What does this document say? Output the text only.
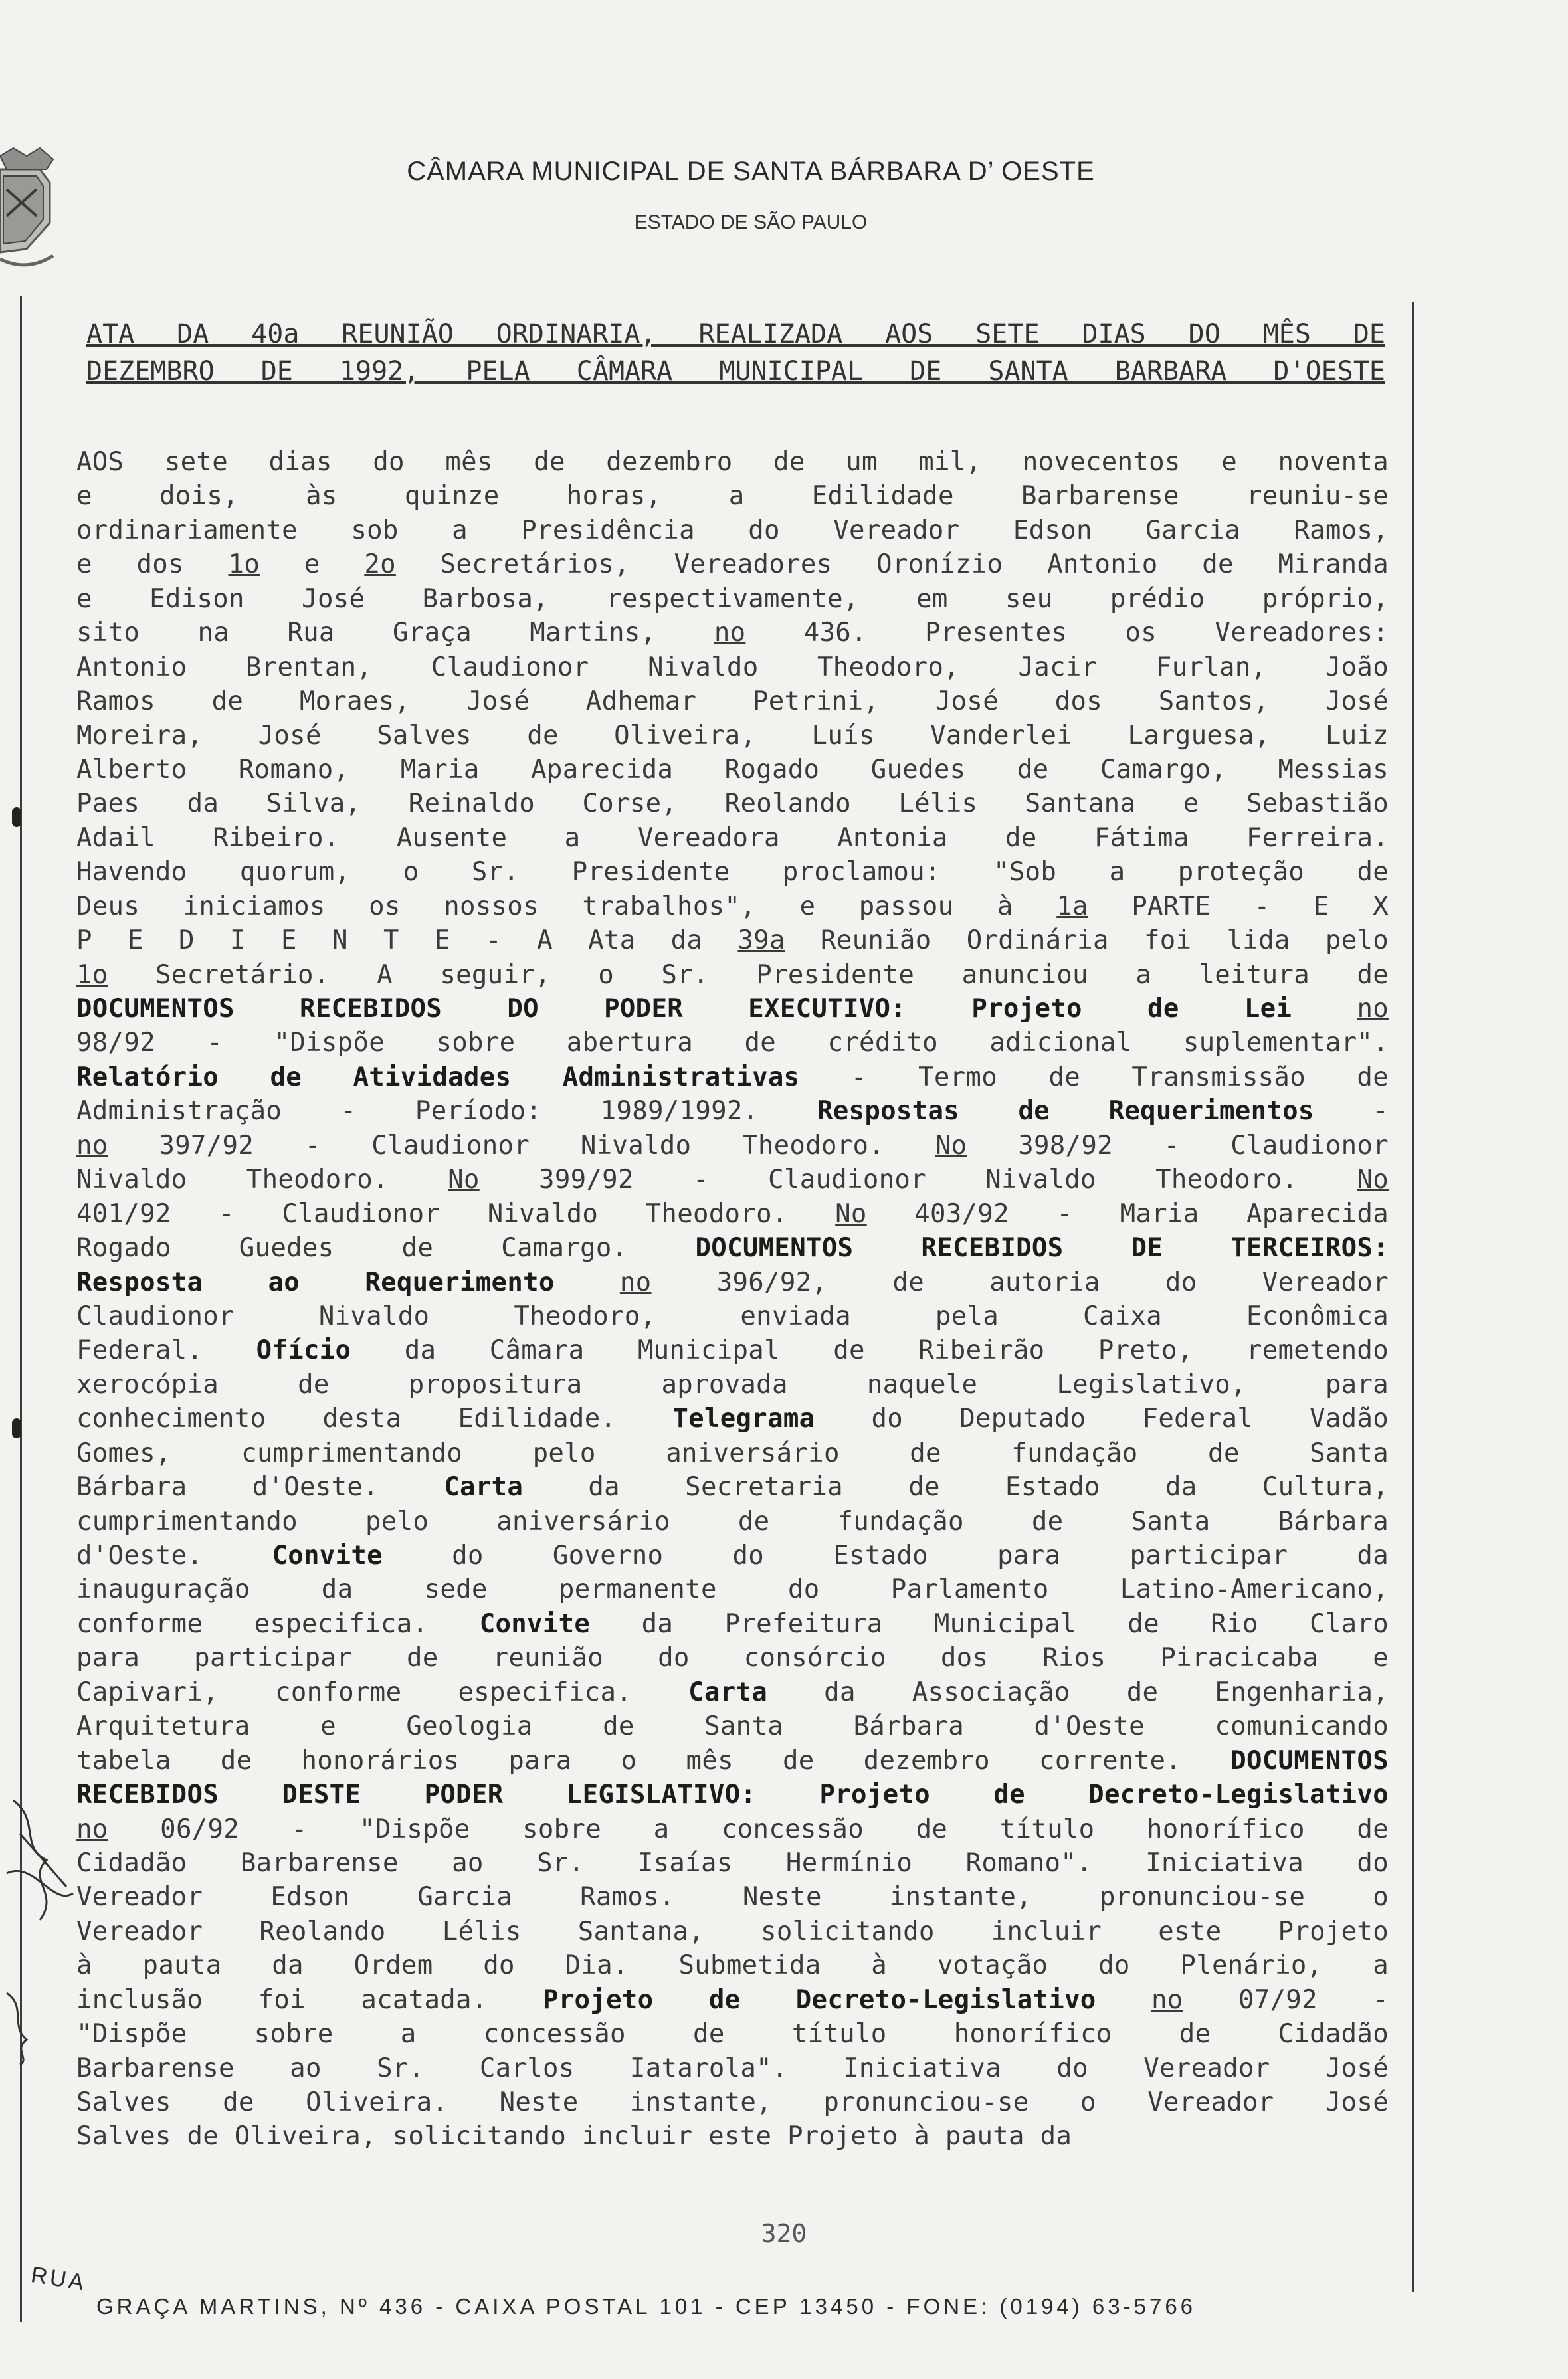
CÂMARA MUNICIPAL DE SANTA BÁRBARA D’ OESTE
ESTADO DE SÃO PAULO
ATA DA 40a REUNIÃO ORDINARIA, REALIZADA AOS SETE DIAS DO MÊS DE
DEZEMBRO DE 1992, PELA CÂMARA MUNICIPAL DE SANTA BARBARA D'OESTE
AOS sete dias do mês de dezembro de um mil, novecentos e noventa
e dois, às quinze horas, a Edilidade Barbarense reuniu-se
ordinariamente sob a Presidência do Vereador Edson Garcia Ramos,
e dos 1o e 2o Secretários, Vereadores Oronízio Antonio de Miranda
e Edison José Barbosa, respectivamente, em seu prédio próprio,
sito na Rua Graça Martins, no 436. Presentes os Vereadores:
Antonio Brentan, Claudionor Nivaldo Theodoro, Jacir Furlan, João
Ramos de Moraes, José Adhemar Petrini, José dos Santos, José
Moreira, José Salves de Oliveira, Luís Vanderlei Larguesa, Luiz
Alberto Romano, Maria Aparecida Rogado Guedes de Camargo, Messias
Paes da Silva, Reinaldo Corse, Reolando Lélis Santana e Sebastião
Adail Ribeiro. Ausente a Vereadora Antonia de Fátima Ferreira.
Havendo quorum, o Sr. Presidente proclamou: "Sob a proteção de
Deus iniciamos os nossos trabalhos", e passou à 1a PARTE - E X
P E D I E N T E - A Ata da 39a Reunião Ordinária foi lida pelo
1o Secretário. A seguir, o Sr. Presidente anunciou a leitura de
DOCUMENTOS RECEBIDOS DO PODER EXECUTIVO:	Projeto de Lei	no
98/92 - "Dispõe sobre abertura de crédito adicional suplementar".
Relatório de Atividades Administrativas - Termo de Transmissão de
Administração - Período: 1989/1992. Respostas de Requerimentos -
no 397/92 - Claudionor Nivaldo Theodoro. No 398/92 - Claudionor
Nivaldo Theodoro. No 399/92 - Claudionor Nivaldo Theodoro. No
401/92 - Claudionor Nivaldo Theodoro. No 403/92 - Maria Aparecida
Rogado Guedes de Camargo. DOCUMENTOS RECEBIDOS DE TERCEIROS:
Resposta ao Requerimento	no 396/92, de autoria do Vereador
Claudionor Nivaldo Theodoro, enviada pela Caixa Econômica
Federal. Ofício da Câmara Municipal de Ribeirão Preto, remetendo
xerocópia de propositura aprovada naquele Legislativo, para
conhecimento desta Edilidade. Telegrama do Deputado Federal Vadão
Gomes, cumprimentando pelo aniversário de fundação de Santa
Bárbara d'Oeste. Carta da Secretaria de Estado da Cultura,
cumprimentando pelo aniversário de fundação de Santa Bárbara
d'Oeste. Convite do Governo do Estado para participar da
inauguração da sede permanente do Parlamento Latino-Americano,
conforme especifica. Convite da Prefeitura Municipal de Rio Claro
para participar de reunião do consórcio dos Rios Piracicaba e
Capivari, conforme especifica. Carta da Associação de Engenharia,
Arquitetura e Geologia de Santa Bárbara d'Oeste comunicando
tabela de honorários para o mês de dezembro corrente. DOCUMENTOS
RECEBIDOS DESTE PODER LEGISLATIVO: Projeto de Decreto-Legislativo
no 06/92 - "Dispõe sobre a concessão de título honorífico de
Cidadão Barbarense ao Sr. Isaías Hermínio Romano". Iniciativa do
Vereador Edson Garcia Ramos. Neste instante, pronunciou-se o
Vereador Reolando Lélis Santana, solicitando incluir este Projeto
à pauta da Ordem do Dia. Submetida à votação do Plenário, a
inclusão foi acatada. Projeto de Decreto-Legislativo no 07/92 -
"Dispõe sobre a concessão de título honorífico de Cidadão
Barbarense ao Sr. Carlos Iatarola". Iniciativa do Vereador José
Salves de Oliveira. Neste instante, pronunciou-se o Vereador José
Salves de Oliveira, solicitando incluir este Projeto à pauta da
320
RUA
GRAÇA MARTINS, Nº 436 - CAIXA POSTAL 101 - CEP 13450 - FONE: (0194) 63-5766
